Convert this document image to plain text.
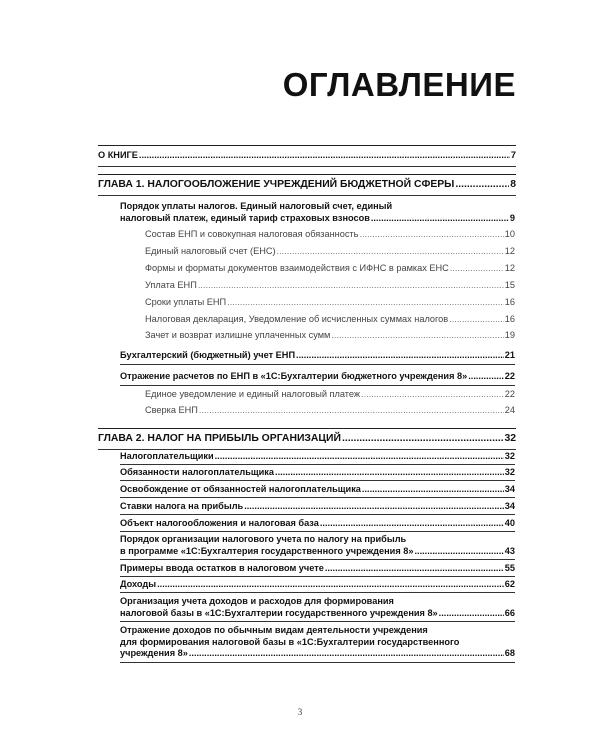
ОГЛАВЛЕНИЕ
О КНИГЕ .....	7
ГЛАВА 1. НАЛОГООБЛОЖЕНИЕ УЧРЕЖДЕНИЙ БЮДЖЕТНОЙ СФЕРЫ .....	8
Порядок уплаты налогов. Единый налоговый счет, единый
налоговый платеж, единый тариф страховых взносов .....	9
Состав ЕНП и совокупная налоговая обязанность .....	10
Единый налоговый счет (ЕНС) .....	12
Формы и форматы документов взаимодействия с ИФНС в рамках ЕНС .....	12
Уплата ЕНП .....	15
Сроки уплаты ЕНП .....	16
Налоговая декларация, Уведомление об исчисленных суммах налогов .....	16
Зачет и возврат излишне уплаченных сумм .....	19
Бухгалтерский (бюджетный) учет ЕНП .....	21
Отражение расчетов по ЕНП в «1С:Бухгалтерии бюджетного учреждения 8» .....	22
Единое уведомление и единый налоговый платеж .....	22
Сверка ЕНП .....	24
ГЛАВА 2. НАЛОГ НА ПРИБЫЛЬ ОРГАНИЗАЦИЙ .....	32
Налогоплательщики .....	32
Обязанности налогоплательщика .....	32
Освобождение от обязанностей налогоплательщика .....	34
Ставки налога на прибыль .....	34
Объект налогообложения и налоговая база .....	40
Порядок организации налогового учета по налогу на прибыль
в программе «1С:Бухгалтерия государственного учреждения 8» .....	43
Примеры ввода остатков в налоговом учете .....	55
Доходы .....	62
Организация учета доходов и расходов для формирования
налоговой базы в «1С:Бухгалтерии государственного учреждения 8» .....	66
Отражение доходов по обычным видам деятельности учреждения
для формирования налоговой базы в «1С:Бухгалтерии государственного
учреждения 8» .....	68
3
